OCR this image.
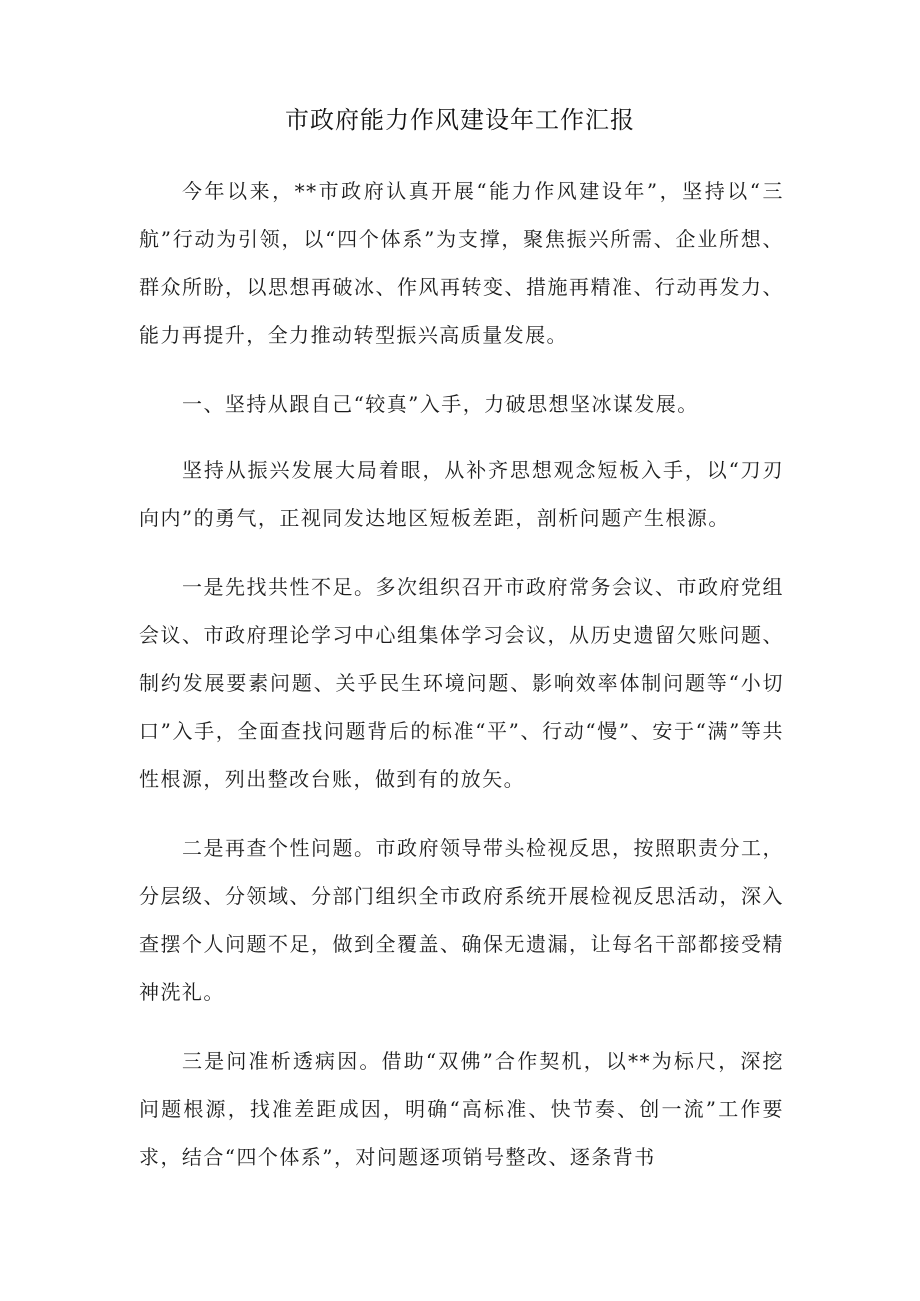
市政府能力作风建设年工作汇报

今年以来，**市政府认真开展“能力作风建设年”，坚持以“三航”行动为引领，以“四个体系”为支撑，聚焦振兴所需、企业所想、群众所盼，以思想再破冰、作风再转变、措施再精准、行动再发力、能力再提升，全力推动转型振兴高质量发展。

一、坚持从跟自己“较真”入手，力破思想坚冰谋发展。

坚持从振兴发展大局着眼，从补齐思想观念短板入手，以“刀刃向内”的勇气，正视同发达地区短板差距，剖析问题产生根源。

一是先找共性不足。多次组织召开市政府常务会议、市政府党组会议、市政府理论学习中心组集体学习会议，从历史遗留欠账问题、制约发展要素问题、关乎民生环境问题、影响效率体制问题等“小切口”入手，全面查找问题背后的标准“平”、行动“慢”、安于“满”等共性根源，列出整改台账，做到有的放矢。

二是再查个性问题。市政府领导带头检视反思，按照职责分工，分层级、分领域、分部门组织全市政府系统开展检视反思活动，深入查摆个人问题不足，做到全覆盖、确保无遗漏，让每名干部都接受精神洗礼。

三是问准析透病因。借助“双佛”合作契机，以**为标尺，深挖问题根源，找准差距成因，明确“高标准、快节奏、创一流”工作要求，结合“四个体系”，对问题逐项销号整改、逐条背书
